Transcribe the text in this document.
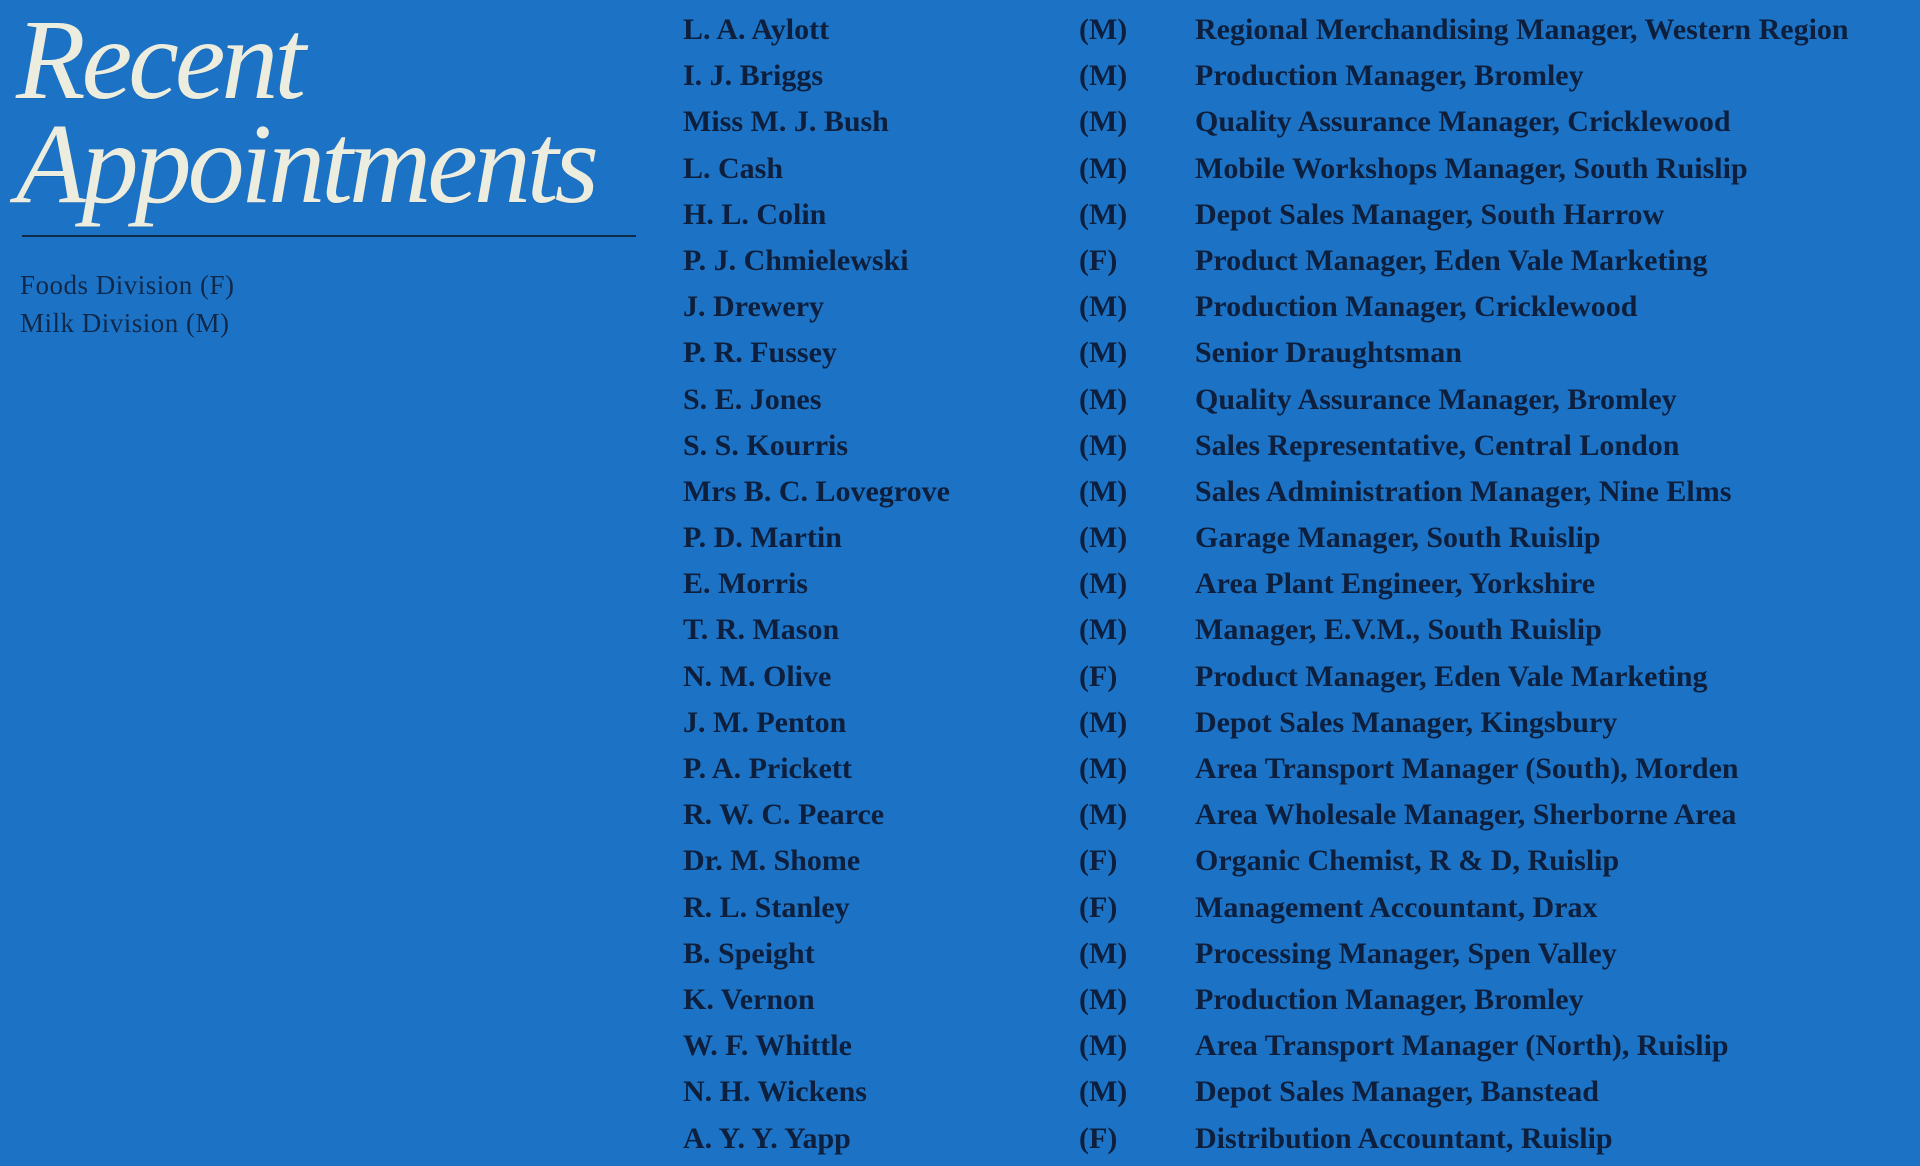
Recent
Appointments
Foods Division (F)
Milk Division (M)
L. A. Aylott	(M) Regional Merchandising Manager, Western Region
I. J. Briggs	(M) Production Manager, Bromley
Miss M. J. Bush	(M) Quality Assurance Manager, Cricklewood
L. Cash	(M) Mobile Workshops Manager, South Ruislip
H. L. Colin	(M) Depot Sales Manager, South Harrow
P. J. Chmielewski	(F)	Product Manager, Eden Vale Marketing
J. Drewery	(M) Production Manager, Cricklewood
P. R. Fussey	(M) Senior Draughtsman
S. E. Jones	(M) Quality Assurance Manager, Bromley
S. S. Kourris	(M) Sales Representative, Central London
Mrs B. C. Lovegrove	(M) Sales Administration Manager, Nine Elms
P. D. Martin	(M) Garage Manager, South Ruislip
E. Morris	(M) Area Plant Engineer, Yorkshire
T. R. Mason	(M) Manager, E.V.M., South Ruislip
N. M. Olive	(F)	Product Manager, Eden Vale Marketing
J. M. Penton	(M) Depot Sales Manager, Kingsbury
P. A. Prickett	(M) Area Transport Manager (South), Morden
R. W. C. Pearce	(M) Area Wholesale Manager, Sherborne Area
Dr. M. Shome	(F)	Organic Chemist, R & D, Ruislip
R. L. Stanley	(F)	Management Accountant, Drax
B. Speight	(M) Processing Manager, Spen Valley
K. Vernon	(M) Production Manager, Bromley
W. F. Whittle	(M) Area Transport Manager (North), Ruislip
N. H. Wickens	(M) Depot Sales Manager, Banstead
A. Y. Y. Yapp	(F)	Distribution Accountant, Ruislip
